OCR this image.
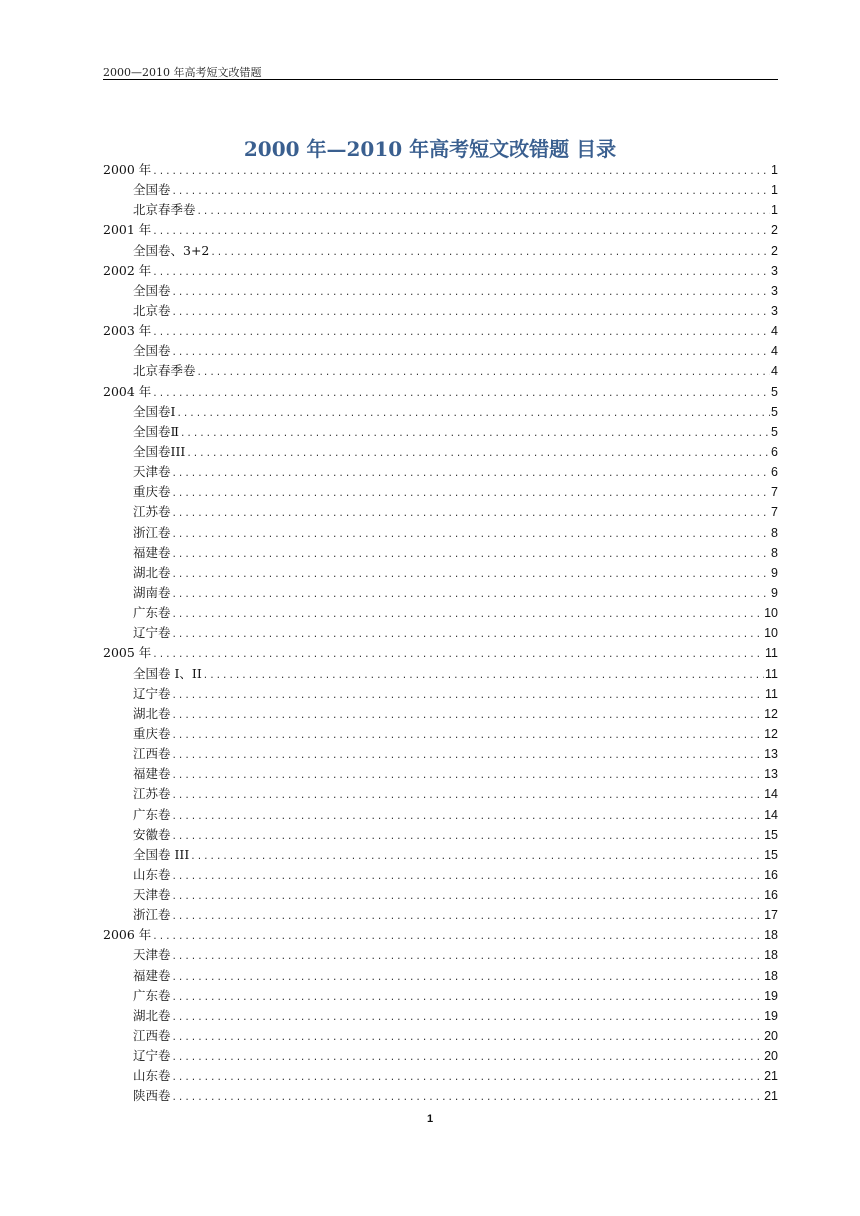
2000—2010 年高考短文改错题
2000 年—2010 年高考短文改错题 目录
2000 年 .....	1
全国卷 .....	1
北京春季卷 .....	1
2001 年 .....	2
全国卷、3+2 .....	2
2002 年 .....	3
全国卷 .....	3
北京卷 .....	3
2003 年 .....	4
全国卷 .....	4
北京春季卷 .....	4
2004 年 .....	5
全国卷Ⅰ .....	5
全国卷Ⅱ .....	5
全国卷III .....	6
天津卷 .....	6
重庆卷 .....	7
江苏卷 .....	7
浙江卷 .....	8
福建卷 .....	8
湖北卷 .....	9
湖南卷 .....	9
广东卷 .....	10
辽宁卷 .....	10
2005 年 .....	11
全国卷 I、II .....	11
辽宁卷 .....	11
湖北卷 .....	12
重庆卷 .....	12
江西卷 .....	13
福建卷 .....	13
江苏卷 .....	14
广东卷 .....	14
安徽卷 .....	15
全国卷 III .....	15
山东卷 .....	16
天津卷 .....	16
浙江卷 .....	17
2006 年 .....	18
天津卷 .....	18
福建卷 .....	18
广东卷 .....	19
湖北卷 .....	19
江西卷 .....	20
辽宁卷 .....	20
山东卷 .....	21
陕西卷 .....	21
1
